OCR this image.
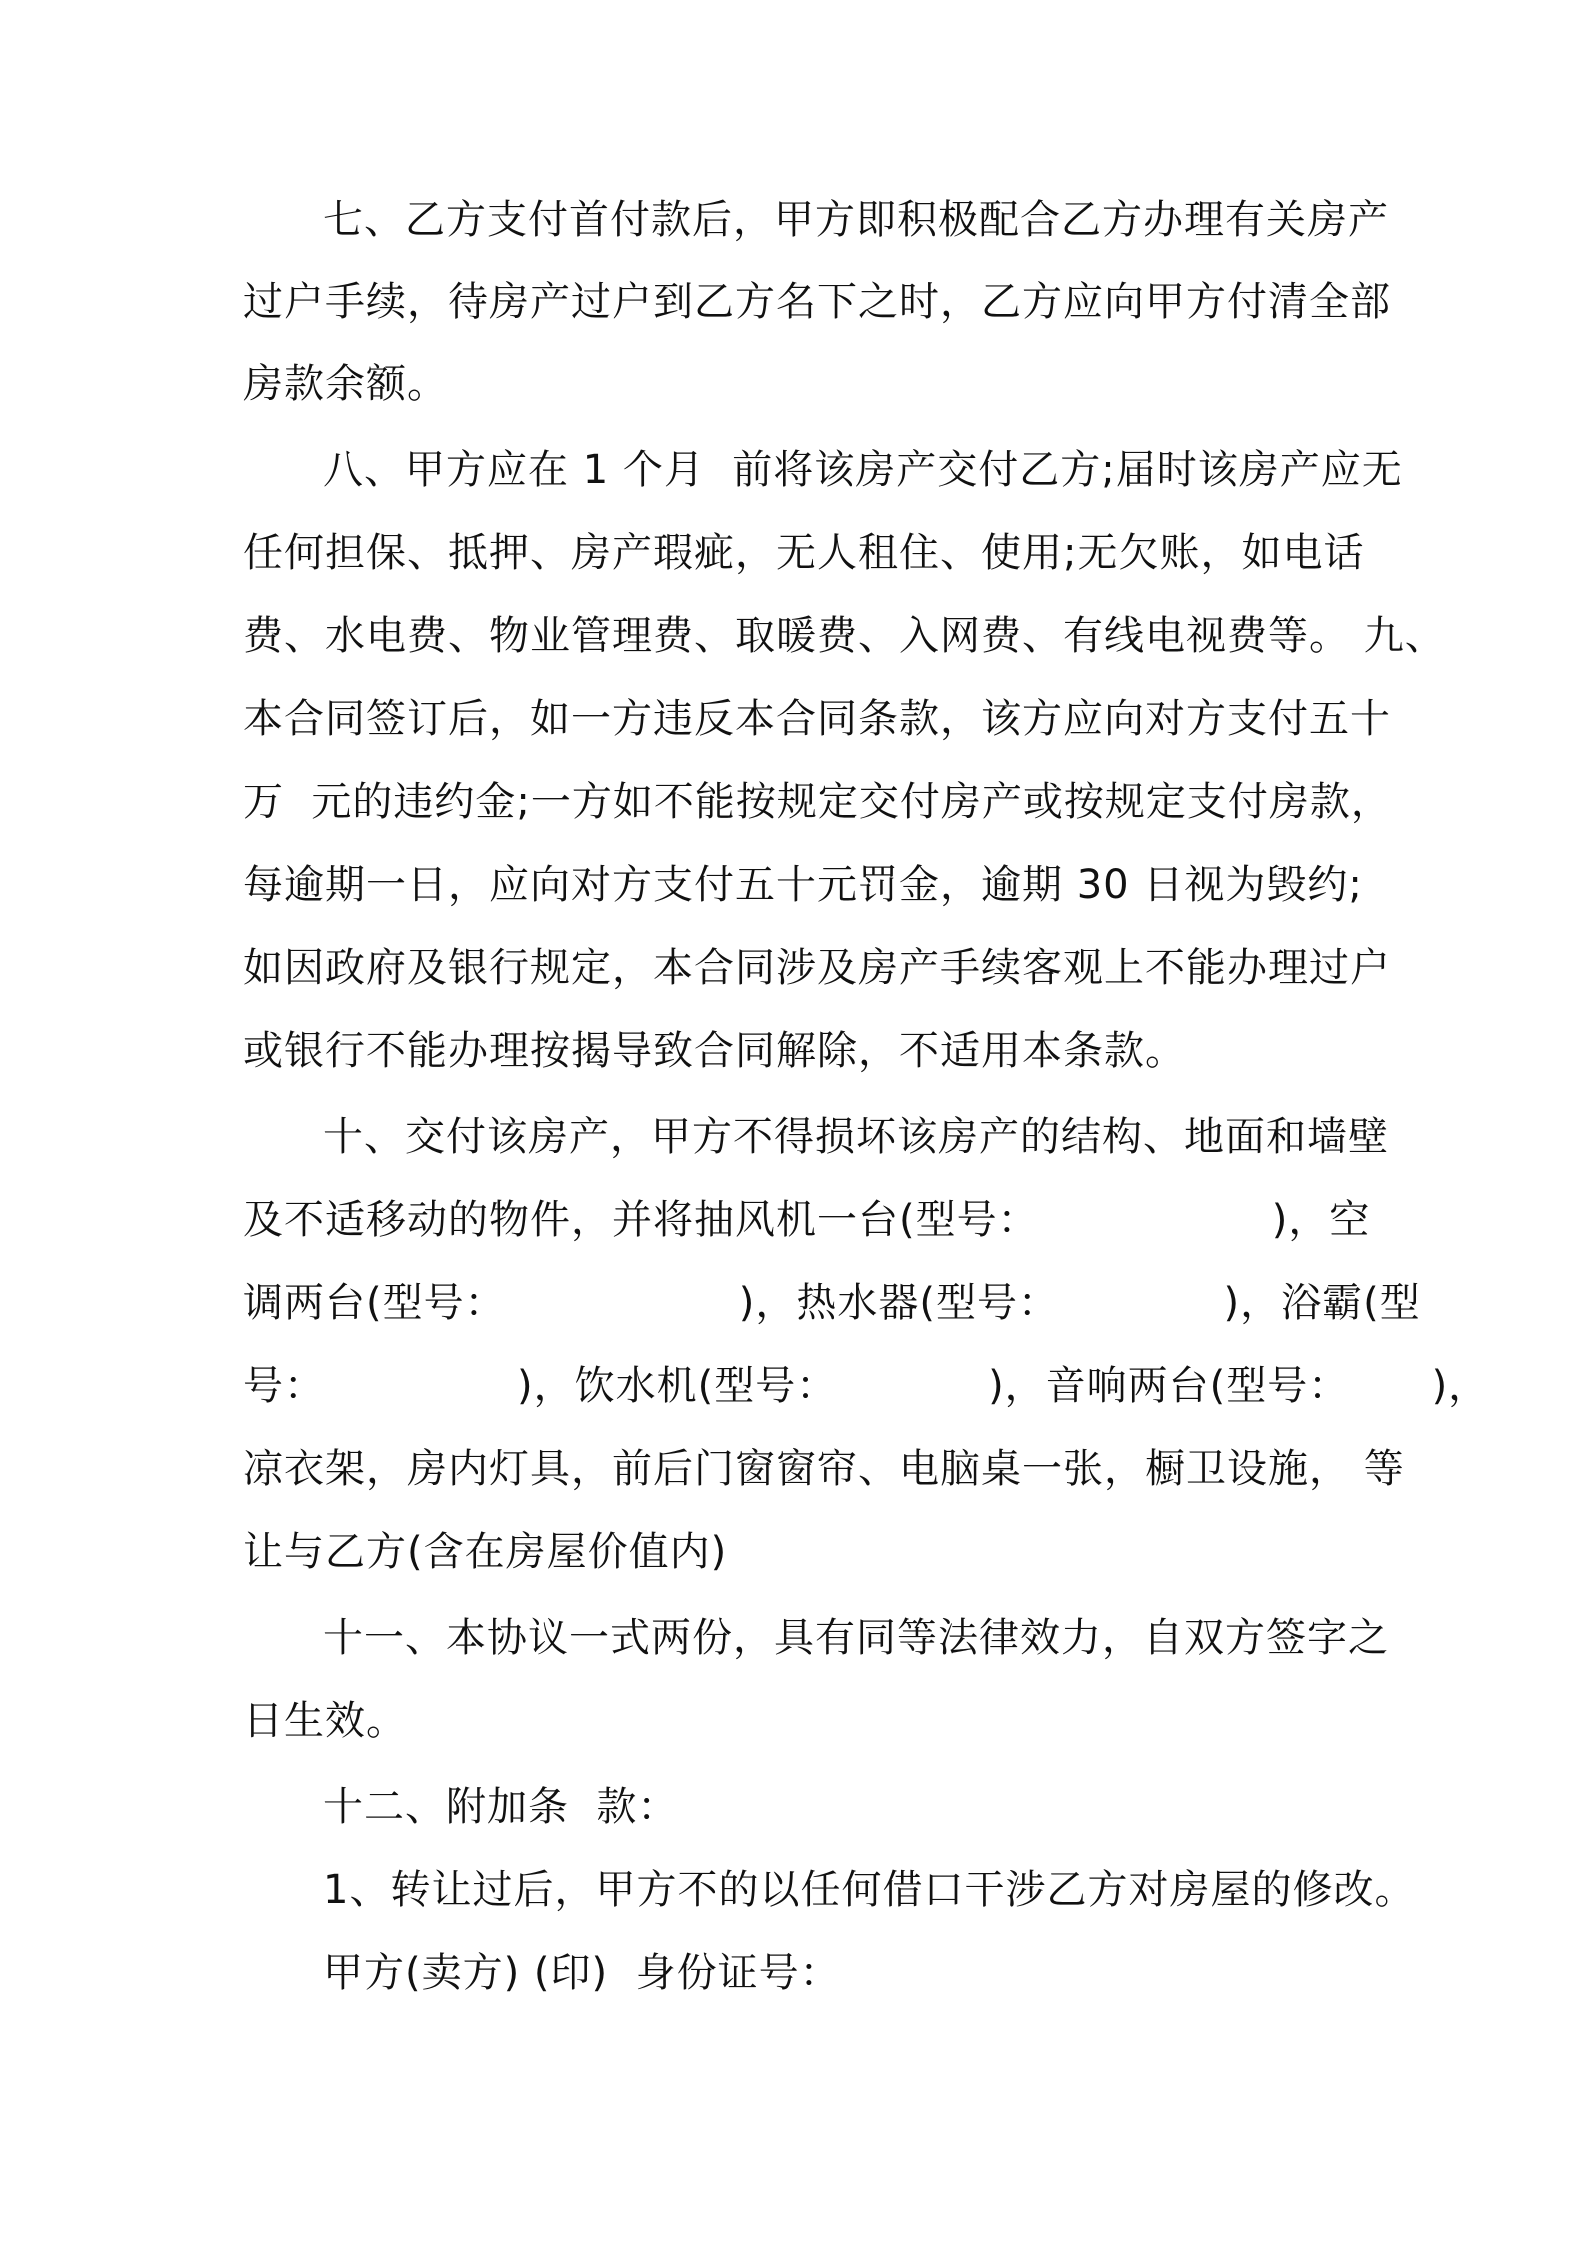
七、乙方支付首付款后，甲方即积极配合乙方办理有关房产
过户手续，待房产过户到乙方名下之时，乙方应向甲方付清全部
房款余额。
八、甲方应在 1 个月  前将该房产交付乙方;届时该房产应无
任何担保、抵押、房产瑕疵，无人租住、使用;无欠账，如电话
费、水电费、物业管理费、取暖费、入网费、有线电视费等。 九、
本合同签订后，如一方违反本合同条款，该方应向对方支付五十
万  元的违约金;一方如不能按规定交付房产或按规定支付房款，
每逾期一日，应向对方支付五十元罚金，逾期 30 日视为毁约;
如因政府及银行规定，本合同涉及房产手续客观上不能办理过户
或银行不能办理按揭导致合同解除，不适用本条款。
十、交付该房产，甲方不得损坏该房产的结构、地面和墙壁
及不适移动的物件，并将抽风机一台(型号：                 )，空
调两台(型号：                 )，热水器(型号：            )，浴霸(型
号：              )，饮水机(型号：           )，音响两台(型号：      )，
凉衣架，房内灯具，前后门窗窗帘、电脑桌一张，橱卫设施， 等
让与乙方(含在房屋价值内)
十一、本协议一式两份，具有同等法律效力，自双方签字之
日生效。
十二、附加条  款：
1、转让过后，甲方不的以任何借口干涉乙方对房屋的修改。
甲方(卖方) (印)  身份证号：
